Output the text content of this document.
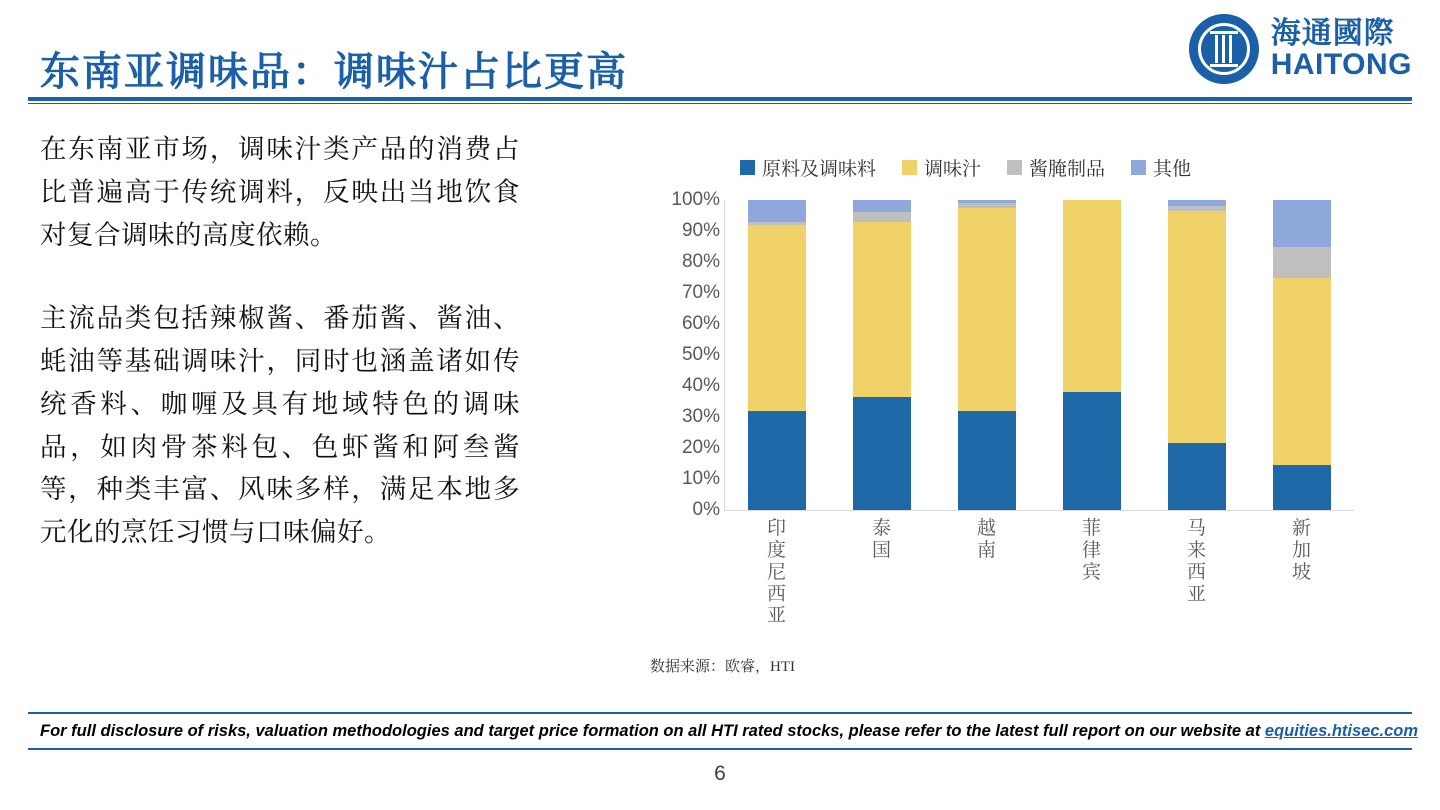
东南亚调味品：调味汁占比更高
海通國際
HAITONG

在东南亚市场，调味汁类产品的消费占比普遍高于传统调料，反映出当地饮食对复合调味的高度依赖。

主流品类包括辣椒酱、番茄酱、酱油、蚝油等基础调味汁，同时也涵盖诸如传统香料、咖喱及具有地域特色的调味品，如肉骨茶料包、色虾酱和阿叁酱等，种类丰富、风味多样，满足本地多元化的烹饪习惯与口味偏好。

原料及调味料	调味汁	酱腌制品	其他
100%
90%
80%
70%
60%
50%
40%
30%
20%
10%
0%
印
度
尼
西
亚
泰
国
越
南
菲
律
宾
马
来
西
亚
新
加
坡
数据来源：欧睿，HTI
For full disclosure of risks, valuation methodologies and target price formation on all HTI rated stocks, please refer to the latest full report on our website at equities.htisec.com
6
